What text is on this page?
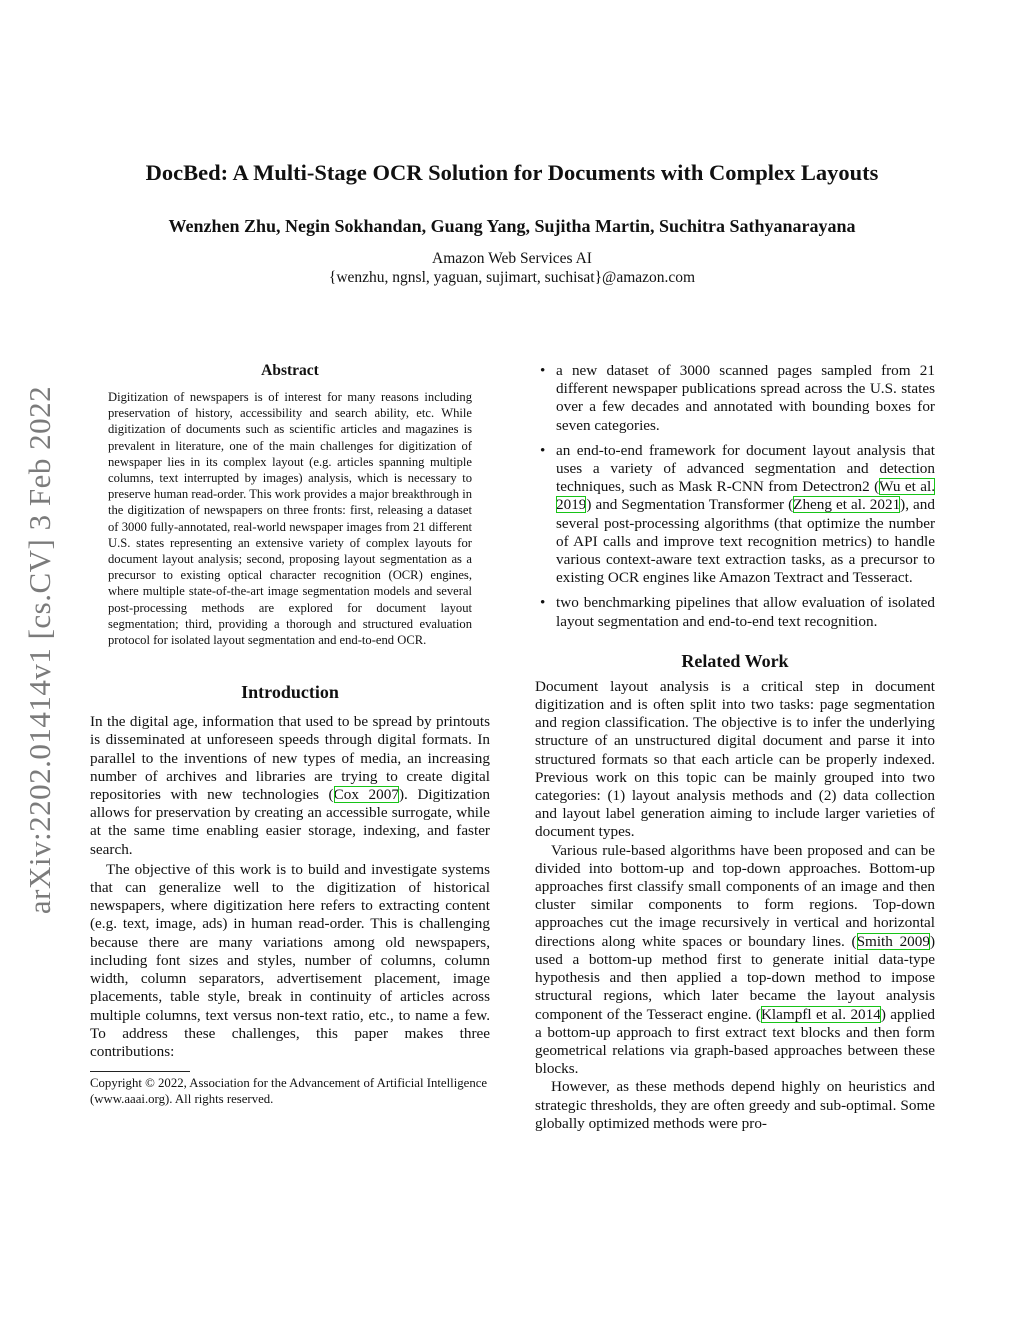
DocBed: A Multi-Stage OCR Solution for Documents with Complex Layouts
Wenzhen Zhu, Negin Sokhandan, Guang Yang, Sujitha Martin, Suchitra Sathyanarayana
Amazon Web Services AI
{wenzhu, ngnsl, yaguan, sujimart, suchisat}@amazon.com
arXiv:2202.01414v1 [cs.CV] 3 Feb 2022
Abstract

Digitization of newspapers is of interest for many reasons including preservation of history, accessibility and search ability, etc. While digitization of documents such as scientific articles and magazines is prevalent in literature, one of the main challenges for digitization of newspaper lies in its complex layout (e.g. articles spanning multiple columns, text interrupted by images) analysis, which is necessary to preserve human read-order. This work provides a major breakthrough in the digitization of newspapers on three fronts: first, releasing a dataset of 3000 fully-annotated, real-world newspaper images from 21 different U.S. states representing an extensive variety of complex layouts for document layout analysis; second, proposing layout segmentation as a precursor to existing optical character recognition (OCR) engines, where multiple state-of-the-art image segmentation models and several post-processing methods are explored for document layout segmentation; third, providing a thorough and structured evaluation protocol for isolated layout segmentation and end-to-end OCR.

Introduction

In the digital age, information that used to be spread by printouts is disseminated at unforeseen speeds through digital formats. In parallel to the inventions of new types of media, an increasing number of archives and libraries are trying to create digital repositories with new technologies (Cox 2007). Digitization allows for preservation by creating an accessible surrogate, while at the same time enabling easier storage, indexing, and faster search.

The objective of this work is to build and investigate systems that can generalize well to the digitization of historical newspapers, where digitization here refers to extracting content (e.g. text, image, ads) in human read-order. This is challenging because there are many variations among old newspapers, including font sizes and styles, number of columns, column width, column separators, advertisement placement, image placements, table style, break in continuity of articles across multiple columns, text versus non-text ratio, etc., to name a few. To address these challenges, this paper makes three contributions:

Copyright © 2022, Association for the Advancement of Artificial Intelligence (www.aaai.org). All rights reserved.

• a new dataset of 3000 scanned pages sampled from 21 different newspaper publications spread across the U.S. states over a few decades and annotated with bounding boxes for seven categories.
• an end-to-end framework for document layout analysis that uses a variety of advanced segmentation and detection techniques, such as Mask R-CNN from Detectron2 (Wu et al. 2019) and Segmentation Transformer (Zheng et al. 2021), and several post-processing algorithms (that optimize the number of API calls and improve text recognition metrics) to handle various context-aware text extraction tasks, as a precursor to existing OCR engines like Amazon Textract and Tesseract.
• two benchmarking pipelines that allow evaluation of isolated layout segmentation and end-to-end text recognition.
Related Work

Document layout analysis is a critical step in document digitization and is often split into two tasks: page segmentation and region classification. The objective is to infer the underlying structure of an unstructured digital document and parse it into structured formats so that each article can be properly indexed. Previous work on this topic can be mainly grouped into two categories: (1) layout analysis methods and (2) data collection and layout label generation aiming to include larger varieties of document types.

Various rule-based algorithms have been proposed and can be divided into bottom-up and top-down approaches. Bottom-up approaches first classify small components of an image and then cluster similar components to form regions. Top-down approaches cut the image recursively in vertical and horizontal directions along white spaces or boundary lines. (Smith 2009) used a bottom-up method first to generate initial data-type hypothesis and then applied a top-down method to impose structural regions, which later became the layout analysis component of the Tesseract engine. (Klampfl et al. 2014) applied a bottom-up approach to first extract text blocks and then form geometrical relations via graph-based approaches between these blocks.

However, as these methods depend highly on heuristics and strategic thresholds, they are often greedy and sub-optimal. Some globally optimized methods were pro-
